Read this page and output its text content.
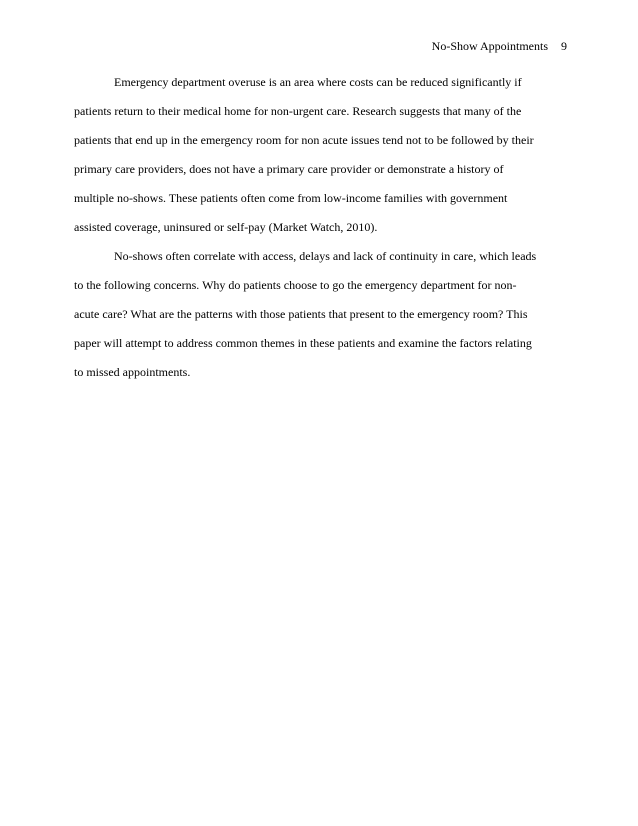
No-Show Appointments 9
Emergency department overuse is an area where costs can be reduced significantly if
patients return to their medical home for non-urgent care. Research suggests that many of the
patients that end up in the emergency room for non acute issues tend not to be followed by their
primary care providers, does not have a primary care provider or demonstrate a history of
multiple no-shows. These patients often come from low-income families with government
assisted coverage, uninsured or self-pay (Market Watch, 2010).
No-shows often correlate with access, delays and lack of continuity in care, which leads
to the following concerns. Why do patients choose to go the emergency department for non-
acute care? What are the patterns with those patients that present to the emergency room? This
paper will attempt to address common themes in these patients and examine the factors relating
to missed appointments.
